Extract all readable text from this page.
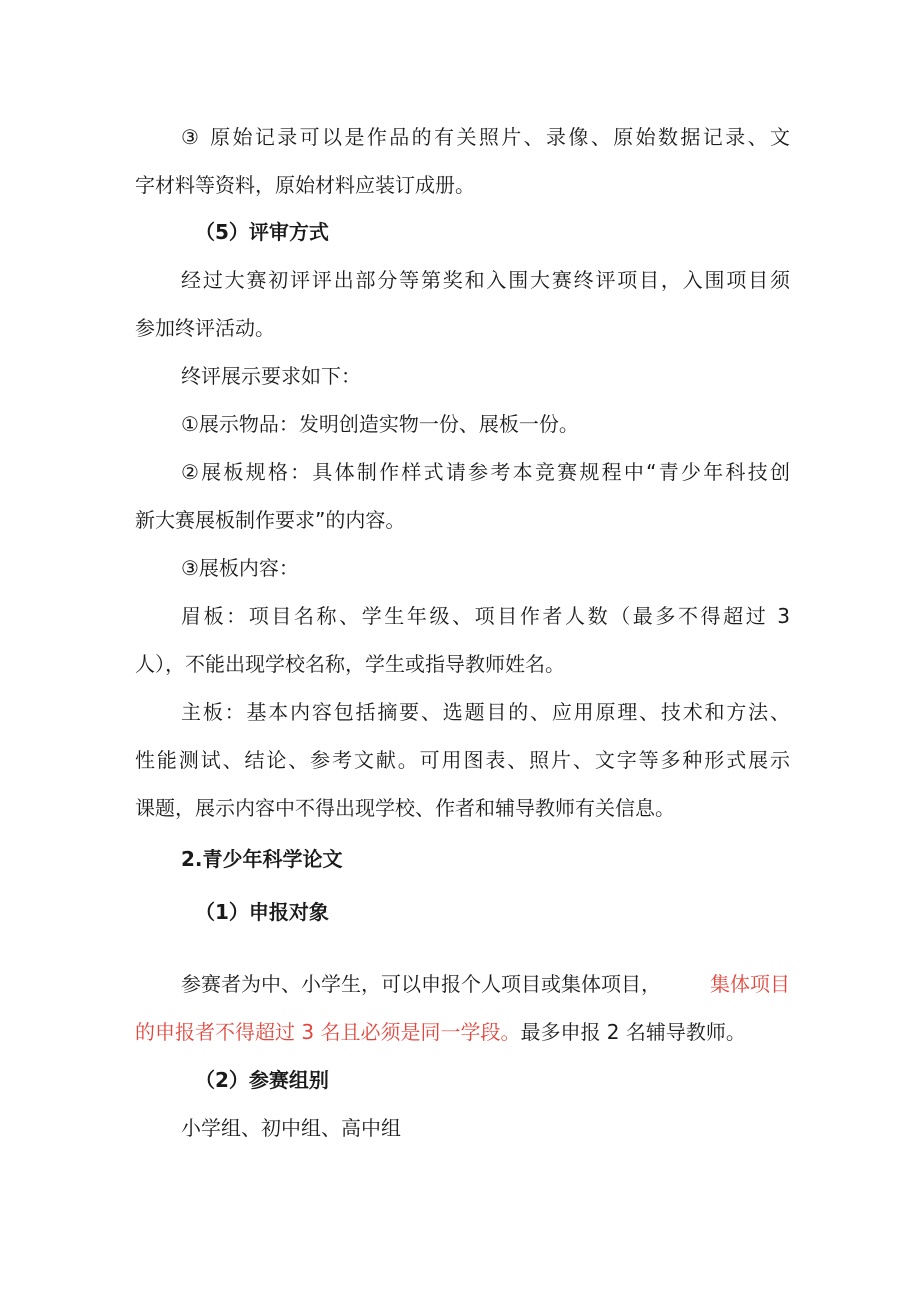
③ 原始记录可以是作品的有关照片、录像、原始数据记录、文
字材料等资料，原始材料应装订成册。
（5）评审方式
经过大赛初评评出部分等第奖和入围大赛终评项目，入围项目须
参加终评活动。
终评展示要求如下：
①展示物品：发明创造实物一份、展板一份。
②展板规格：具体制作样式请参考本竞赛规程中“青少年科技创
新大赛展板制作要求”的内容。
③展板内容：
眉板：项目名称、学生年级、项目作者人数（最多不得超过 3
人），不能出现学校名称，学生或指导教师姓名。
主板：基本内容包括摘要、选题目的、应用原理、技术和方法、
性能测试、结论、参考文献。可用图表、照片、文字等多种形式展示
课题，展示内容中不得出现学校、作者和辅导教师有关信息。
2.青少年科学论文
（1）申报对象
参赛者为中、小学生，可以申报个人项目或集体项目， 集体项目
的申报者不得超过 3 名且必须是同一学段。最多申报 2 名辅导教师。
（2）参赛组别
小学组、初中组、高中组
